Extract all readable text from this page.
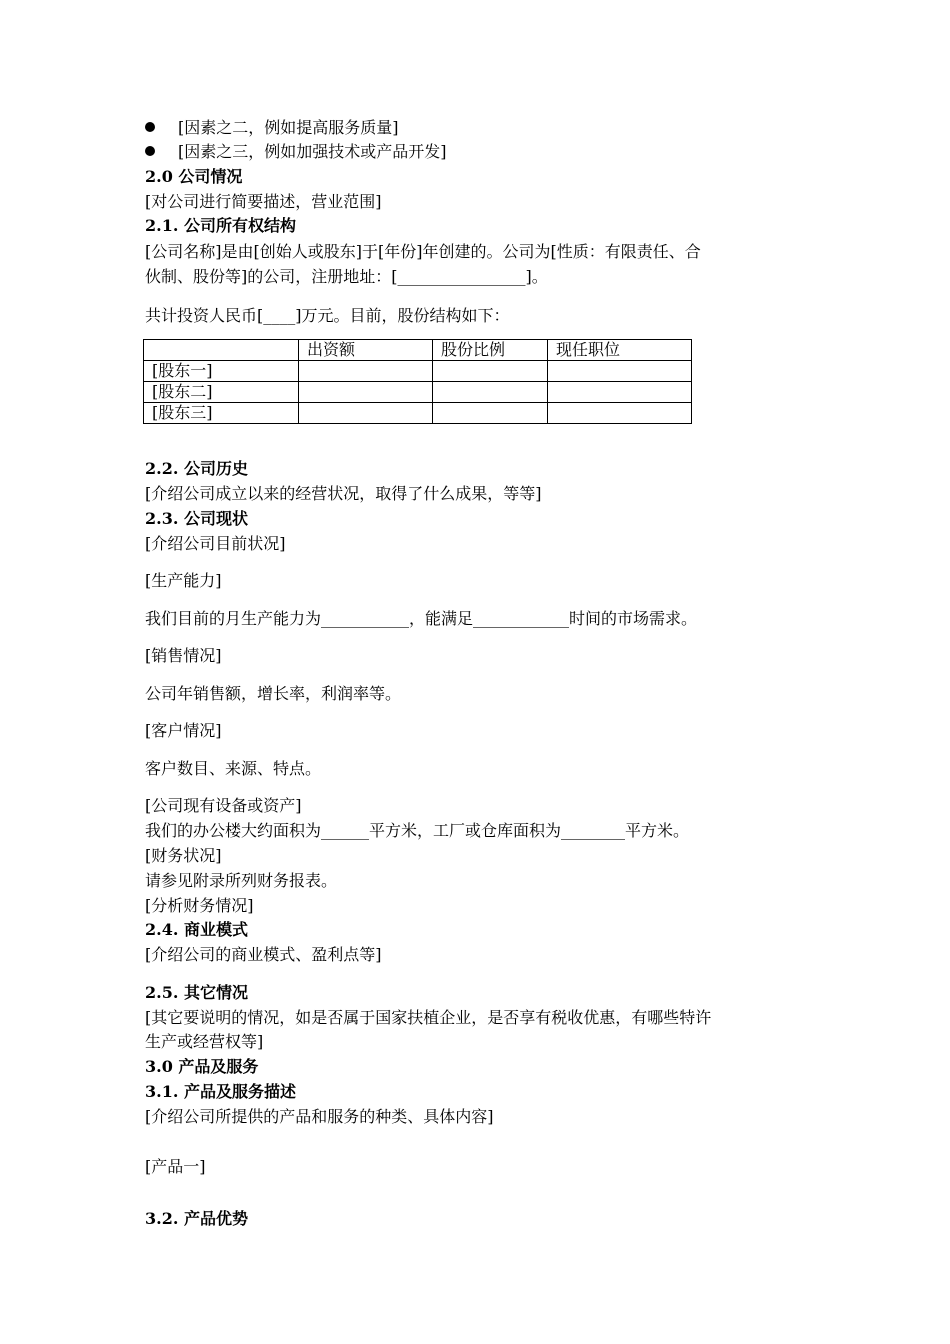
[因素之二，例如提高服务质量]
[因素之三，例如加强技术或产品开发]
2.0 公司情况
[对公司进行简要描述，营业范围]
2.1. 公司所有权结构
[公司名称]是由[创始人或股东]于[年份]年创建的。公司为[性质：有限责任、合
伙制、股份等]的公司，注册地址：[________________]。
共计投资人民币[____]万元。目前，股份结构如下：
	出资额	股份比例	现任职位
[股东一]			
[股东二]			
[股东三]			
2.2. 公司历史
[介绍公司成立以来的经营状况，取得了什么成果，等等]
2.3. 公司现状
[介绍公司目前状况]
[生产能力]
我们目前的月生产能力为___________，能满足____________时间的市场需求。
[销售情况]
公司年销售额，增长率，利润率等。
[客户情况]
客户数目、来源、特点。
[公司现有设备或资产]
我们的办公楼大约面积为______平方米，工厂或仓库面积为________平方米。
[财务状况]
请参见附录所列财务报表。
[分析财务情况]
2.4. 商业模式
[介绍公司的商业模式、盈利点等]
2.5. 其它情况
[其它要说明的情况，如是否属于国家扶植企业，是否享有税收优惠，有哪些特许
生产或经营权等]
3.0 产品及服务
3.1. 产品及服务描述
[介绍公司所提供的产品和服务的种类、具体内容]
[产品一]
3.2. 产品优势
